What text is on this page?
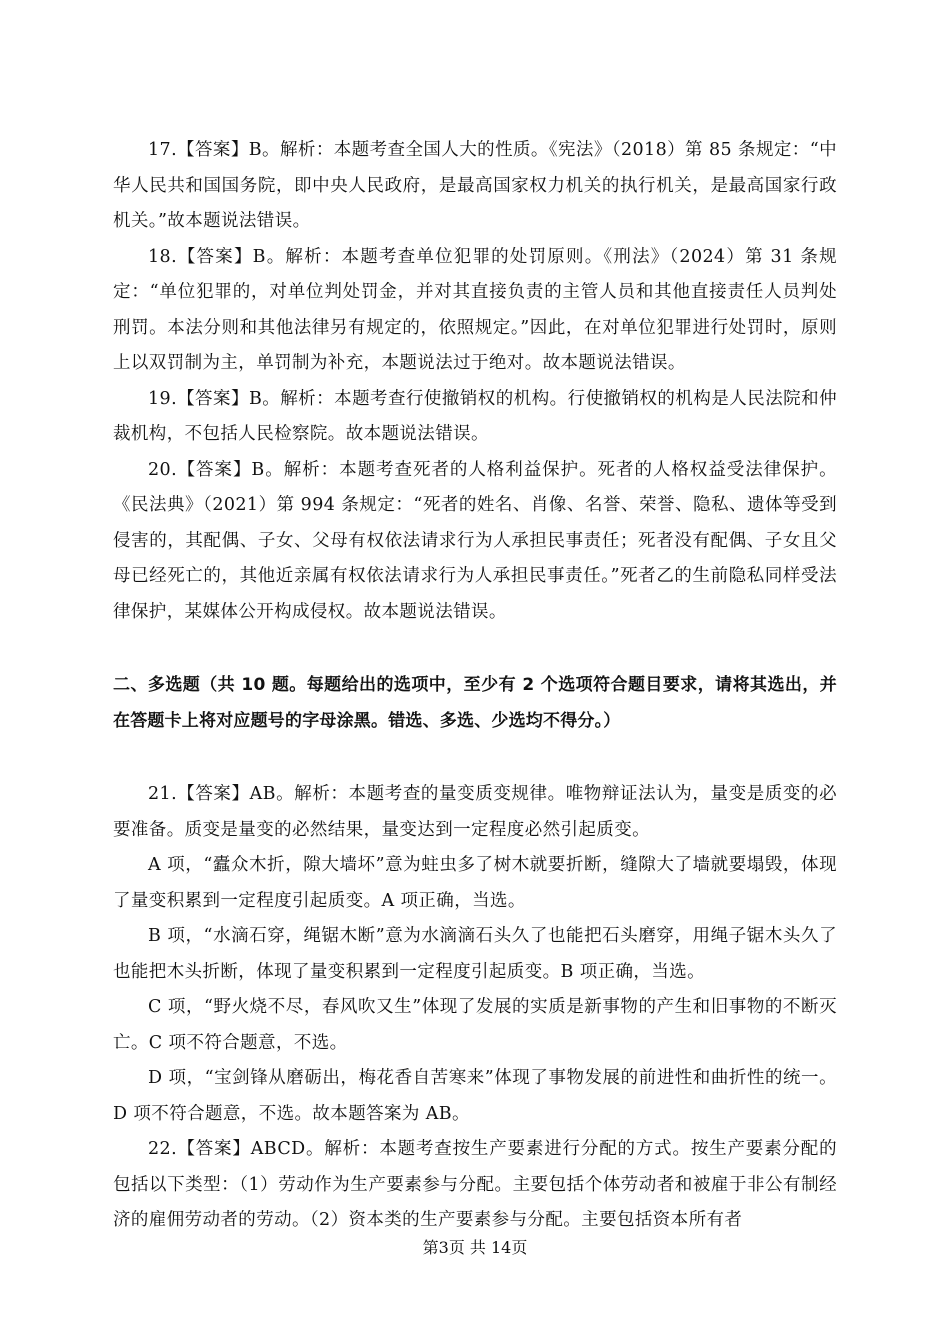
17.【答案】B。解析：本题考查全国人大的性质。《宪法》（2018）第 85 条规定：“中华人民共和国国务院，即中央人民政府，是最高国家权力机关的执行机关，是最高国家行政机关。”故本题说法错误。

18.【答案】B。解析：本题考查单位犯罪的处罚原则。《刑法》（2024）第 31 条规定：“单位犯罪的，对单位判处罚金，并对其直接负责的主管人员和其他直接责任人员判处刑罚。本法分则和其他法律另有规定的，依照规定。”因此，在对单位犯罪进行处罚时，原则上以双罚制为主，单罚制为补充，本题说法过于绝对。故本题说法错误。

19.【答案】B。解析：本题考查行使撤销权的机构。行使撤销权的机构是人民法院和仲裁机构，不包括人民检察院。故本题说法错误。

20.【答案】B。解析：本题考查死者的人格利益保护。死者的人格权益受法律保护。《民法典》（2021）第 994 条规定：“死者的姓名、肖像、名誉、荣誉、隐私、遗体等受到侵害的，其配偶、子女、父母有权依法请求行为人承担民事责任；死者没有配偶、子女且父母已经死亡的，其他近亲属有权依法请求行为人承担民事责任。”死者乙的生前隐私同样受法律保护，某媒体公开构成侵权。故本题说法错误。

二、多选题（共 10 题。每题给出的选项中，至少有 2 个选项符合题目要求，请将其选出，并在答题卡上将对应题号的字母涂黑。错选、多选、少选均不得分。）

21.【答案】AB。解析：本题考查的量变质变规律。唯物辩证法认为，量变是质变的必要准备。质变是量变的必然结果，量变达到一定程度必然引起质变。

A 项，“蠹众木折，隙大墙坏”意为蛀虫多了树木就要折断，缝隙大了墙就要塌毁，体现了量变积累到一定程度引起质变。A 项正确，当选。

B 项，“水滴石穿，绳锯木断”意为水滴滴石头久了也能把石头磨穿，用绳子锯木头久了也能把木头折断，体现了量变积累到一定程度引起质变。B 项正确，当选。

C 项，“野火烧不尽，春风吹又生”体现了发展的实质是新事物的产生和旧事物的不断灭亡。C 项不符合题意，不选。

D 项，“宝剑锋从磨砺出，梅花香自苦寒来”体现了事物发展的前进性和曲折性的统一。D 项不符合题意，不选。故本题答案为 AB。

22.【答案】ABCD。解析：本题考查按生产要素进行分配的方式。按生产要素分配的包括以下类型：（1）劳动作为生产要素参与分配。主要包括个体劳动者和被雇于非公有制经济的雇佣劳动者的劳动。（2）资本类的生产要素参与分配。主要包括资本所有者

第3页 共 14页
